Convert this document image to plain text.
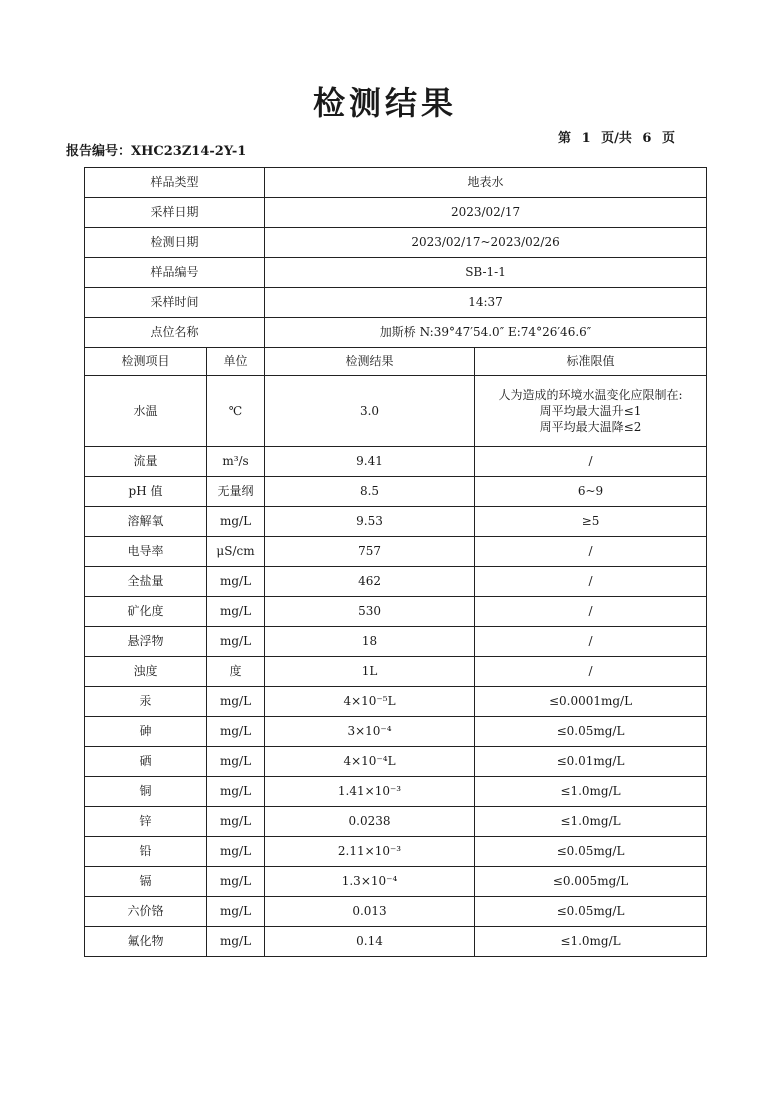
检测结果
报告编号：XHC23Z14-2Y-1
第 1 页/共 6 页
样品类型		地表水	
采样日期		2023/02/17	
检测日期		2023/02/17~2023/02/26	
样品编号		SB-1-1	
采样时间		14:37	
点位名称		加斯桥 N:39°47′54.0″ E:74°26′46.6″	
检测项目	单位	检测结果	标准限值
水温	℃	3.0	人为造成的环境水温变化应限制在:
周平均最大温升≤1
周平均最大温降≤2

流量	m³/s	9.41	/

pH 值	无量纲	8.5	6~9

溶解氧	mg/L	9.53	≥5

电导率	μS/cm	757	/

全盐量	mg/L	462	/

矿化度	mg/L	530	/

悬浮物	mg/L	18	/

浊度	度	1L	/

汞	mg/L	4×10⁻⁵L	≤0.0001mg/L

砷	mg/L	3×10⁻⁴	≤0.05mg/L

硒	mg/L	4×10⁻⁴L	≤0.01mg/L

铜	mg/L	1.41×10⁻³	≤1.0mg/L

锌	mg/L	0.0238	≤1.0mg/L

铅	mg/L	2.11×10⁻³	≤0.05mg/L

镉	mg/L	1.3×10⁻⁴	≤0.005mg/L

六价铬	mg/L	0.013	≤0.05mg/L

氟化物	mg/L	0.14	≤1.0mg/L
